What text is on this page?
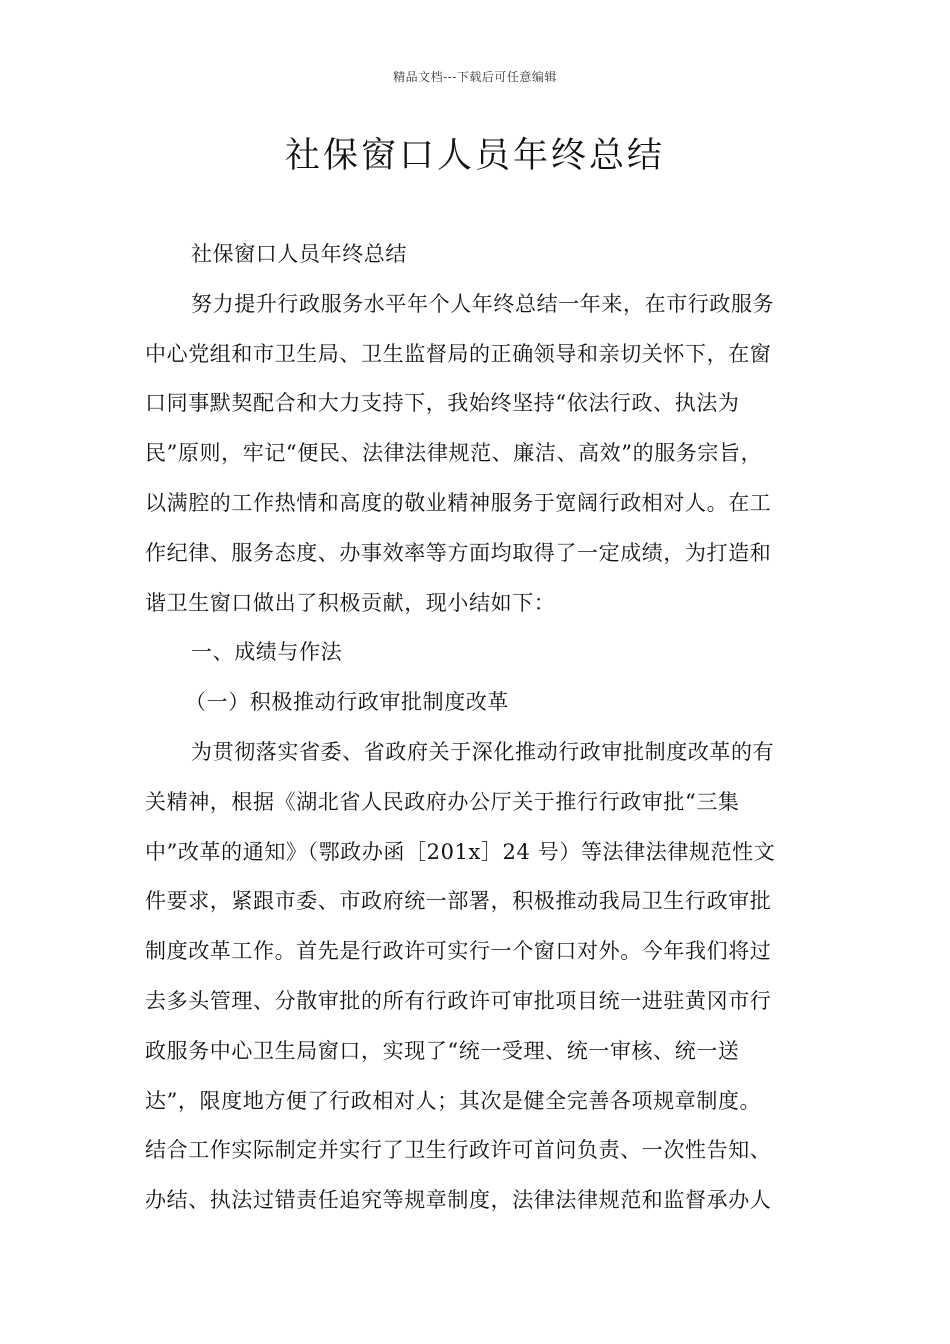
精品文档---下载后可任意编辑
社保窗口人员年终总结
社保窗口人员年终总结
努力提升行政服务水平年个人年终总结一年来，在市行政服务
中心党组和市卫生局、卫生监督局的正确领导和亲切关怀下，在窗
口同事默契配合和大力支持下，我始终坚持“依法行政、执法为
民”原则，牢记“便民、法律法律规范、廉洁、高效”的服务宗旨，
以满腔的工作热情和高度的敬业精神服务于宽阔行政相对人。在工
作纪律、服务态度、办事效率等方面均取得了一定成绩，为打造和
谐卫生窗口做出了积极贡献，现小结如下：
一、成绩与作法
（一）积极推动行政审批制度改革
为贯彻落实省委、省政府关于深化推动行政审批制度改革的有
关精神，根据《湖北省人民政府办公厅关于推行行政审批“三集
中”改革的通知》（鄂政办函［201x］24 号）等法律法律规范性文
件要求，紧跟市委、市政府统一部署，积极推动我局卫生行政审批
制度改革工作。首先是行政许可实行一个窗口对外。今年我们将过
去多头管理、分散审批的所有行政许可审批项目统一进驻黄冈市行
政服务中心卫生局窗口，实现了“统一受理、统一审核、统一送
达”，限度地方便了行政相对人；其次是健全完善各项规章制度。
结合工作实际制定并实行了卫生行政许可首问负责、一次性告知、
办结、执法过错责任追究等规章制度，法律法律规范和监督承办人
